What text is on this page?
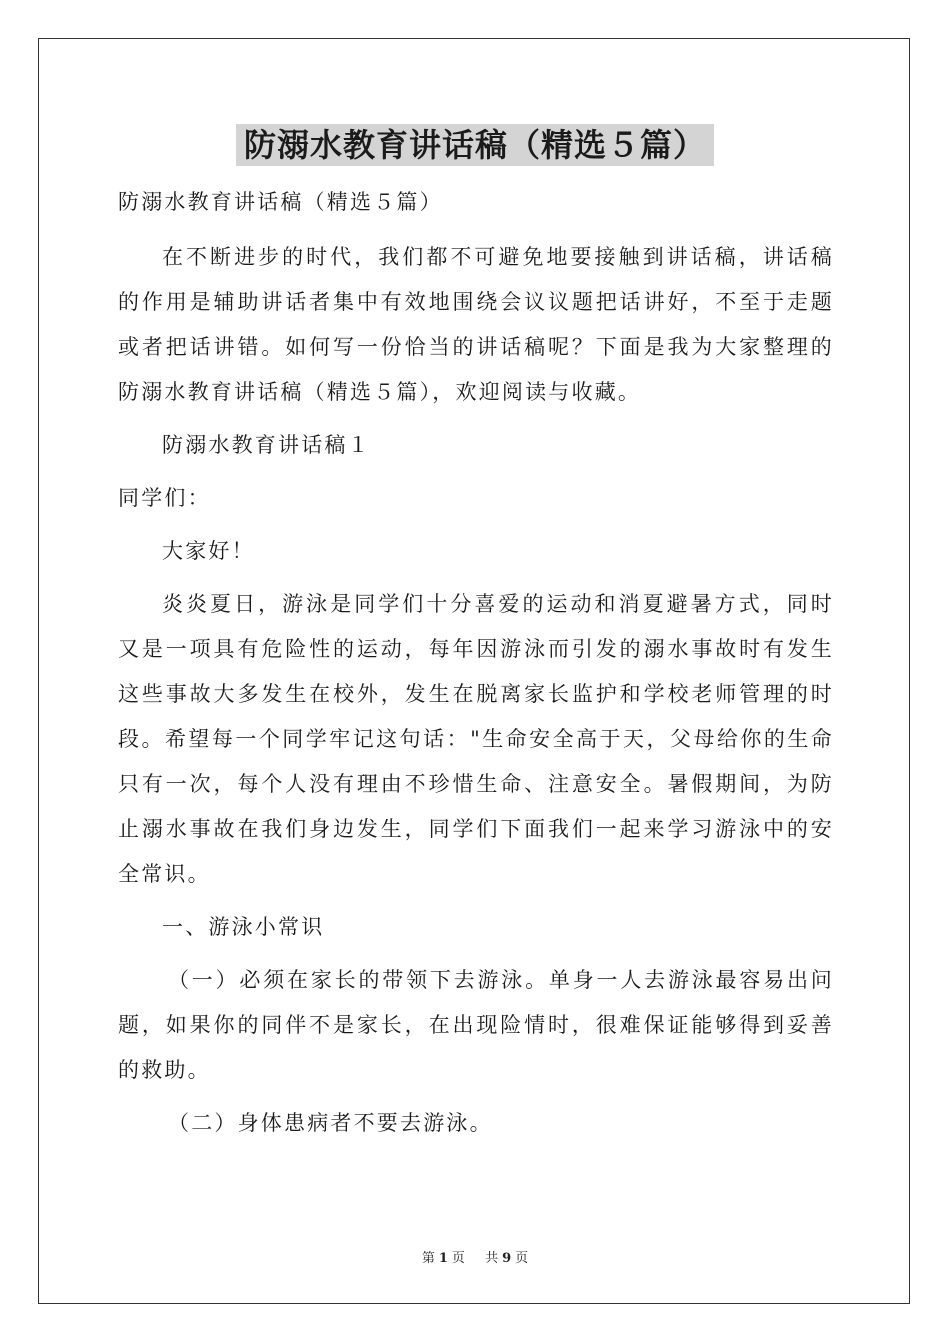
防溺水教育讲话稿（精选５篇）

防溺水教育讲话稿（精选５篇）

在不断进步的时代，我们都不可避免地要接触到讲话稿，讲话稿的作用是辅助讲话者集中有效地围绕会议议题把话讲好，不至于走题或者把话讲错。如何写一份恰当的讲话稿呢？下面是我为大家整理的防溺水教育讲话稿（精选５篇），欢迎阅读与收藏。

防溺水教育讲话稿１

同学们：

大家好！

炎炎夏日，游泳是同学们十分喜爱的运动和消夏避暑方式，同时又是一项具有危险性的运动，每年因游泳而引发的溺水事故时有发生这些事故大多发生在校外，发生在脱离家长监护和学校老师管理的时段。希望每一个同学牢记这句话："生命安全高于天，父母给你的生命只有一次，每个人没有理由不珍惜生命、注意安全。暑假期间，为防止溺水事故在我们身边发生，同学们下面我们一起来学习游泳中的安全常识。

一、游泳小常识

（一）必须在家长的带领下去游泳。单身一人去游泳最容易出问题，如果你的同伴不是家长，在出现险情时，很难保证能够得到妥善的救助。

（二）身体患病者不要去游泳。

第 1 页 共 9 页
